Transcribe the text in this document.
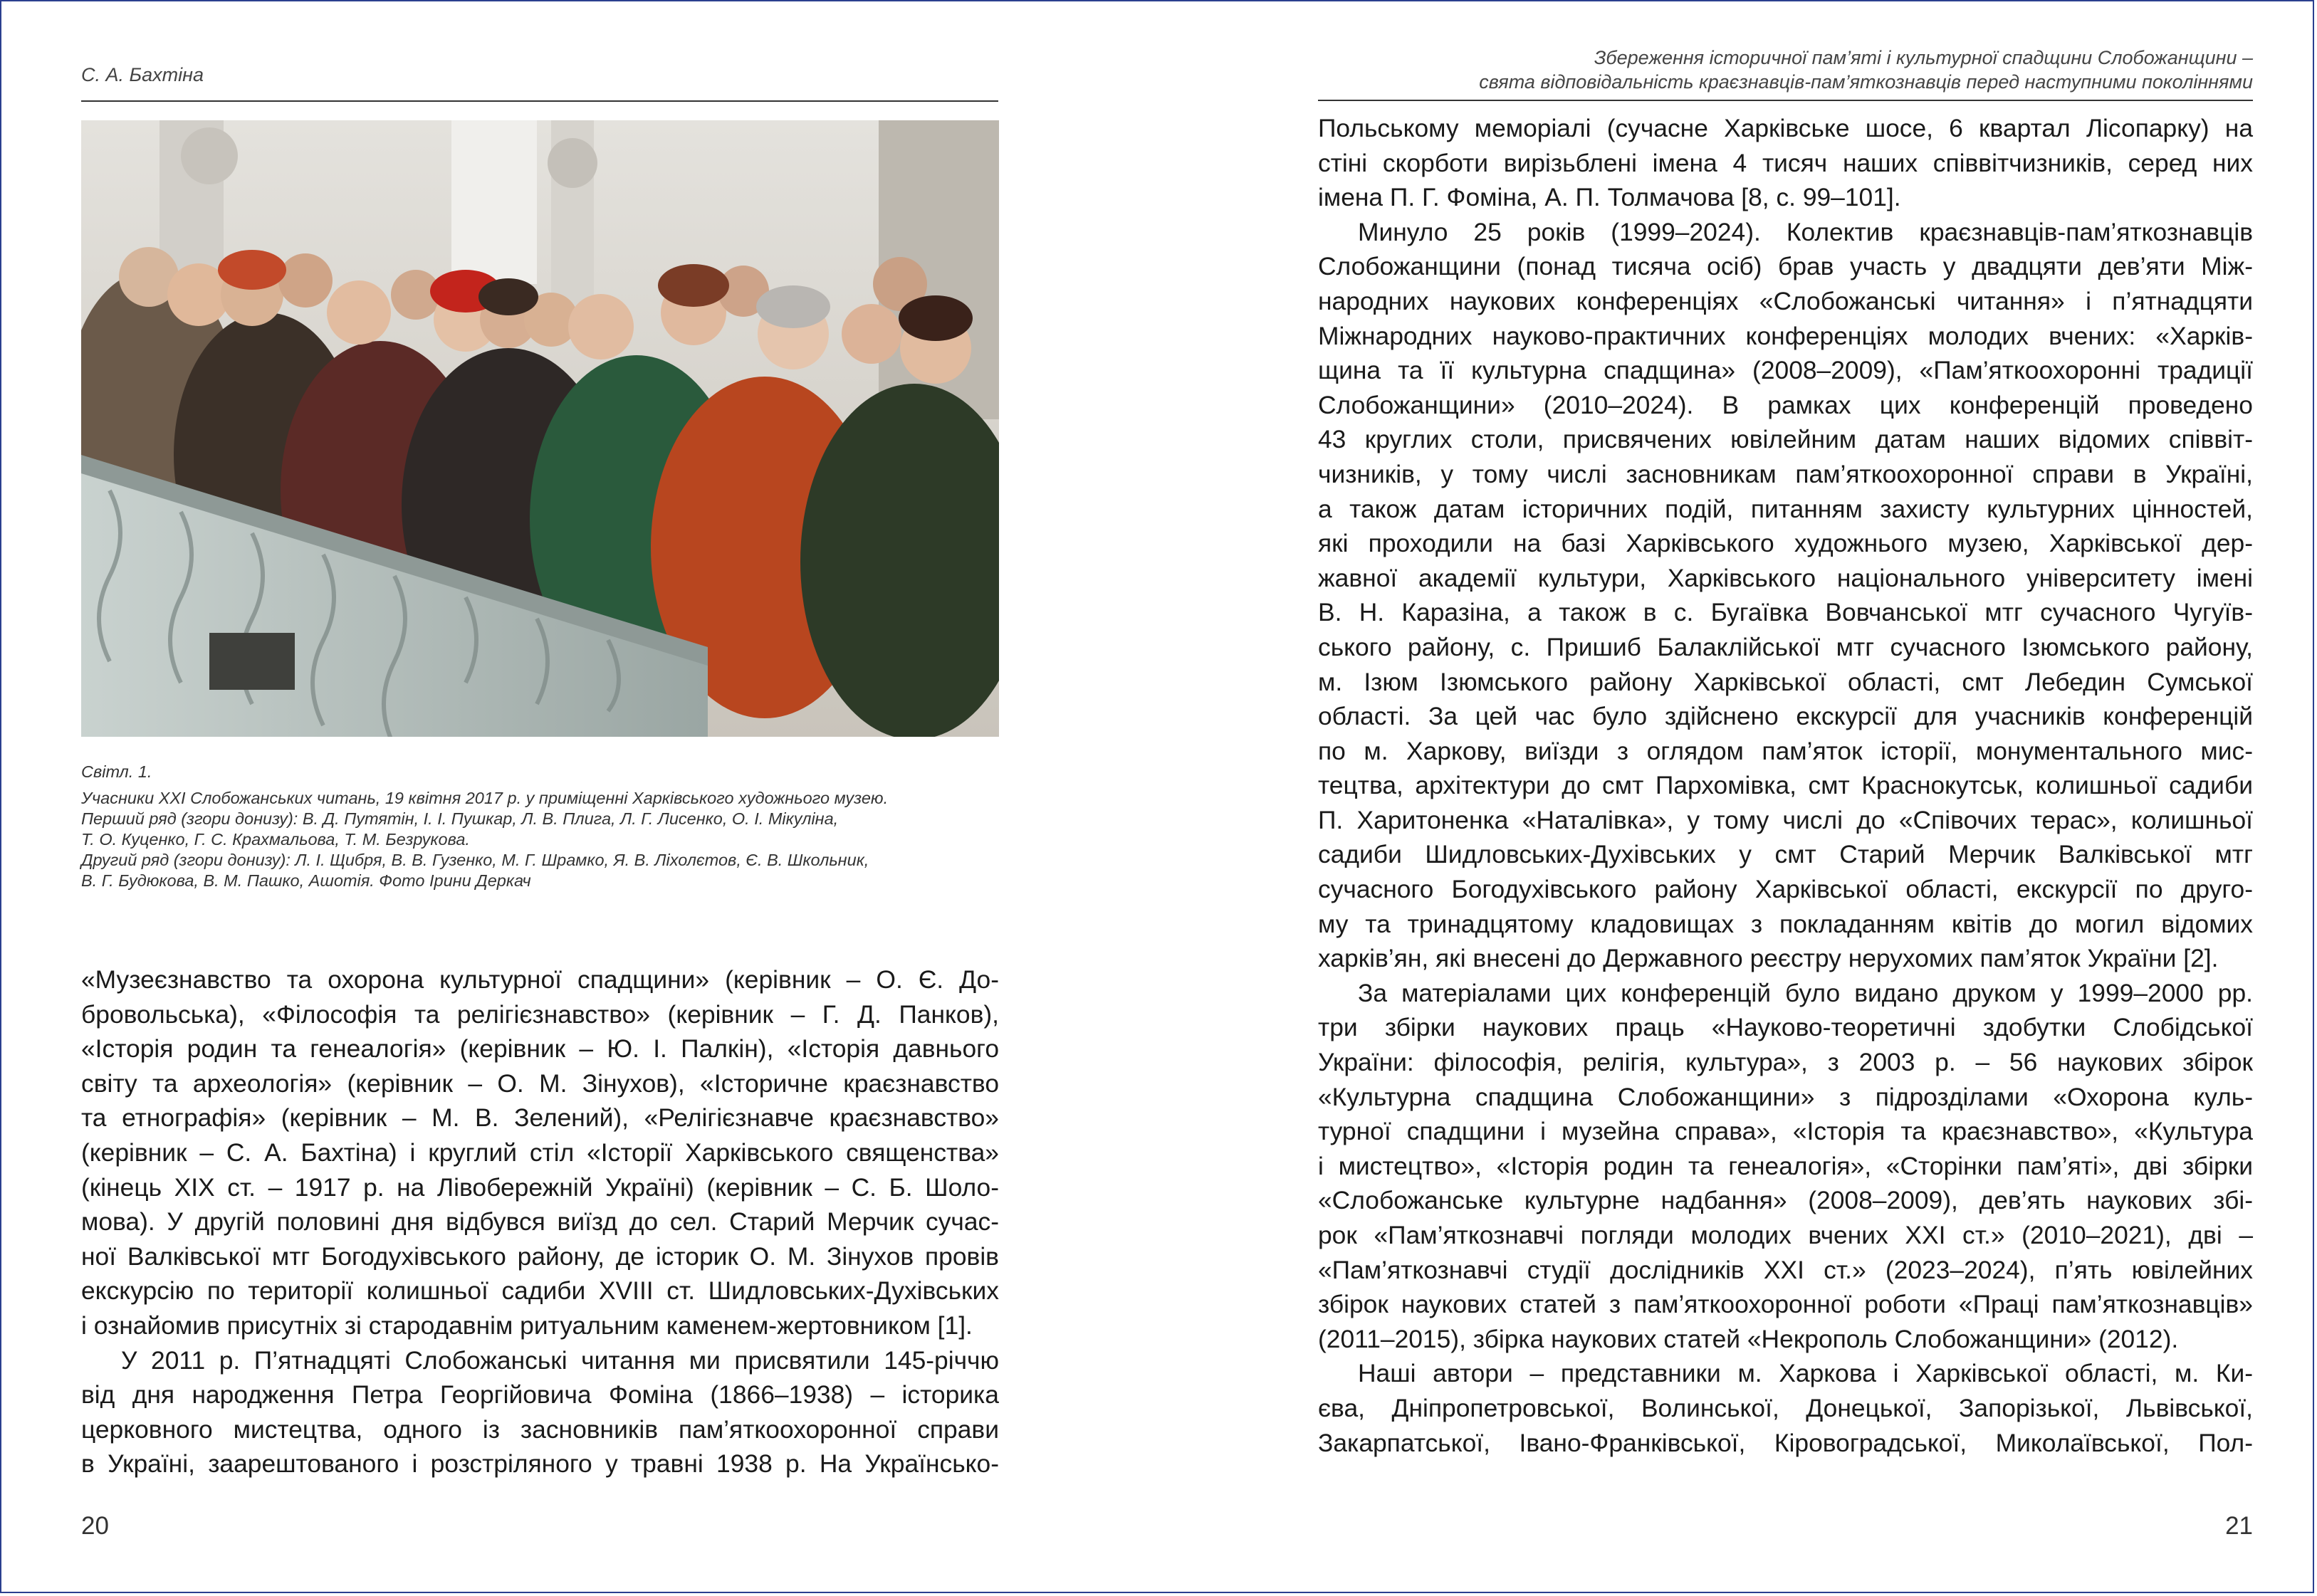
С. А. Бахтіна
Світл. 1.
Учасники XXI Слобожанських читань, 19 квітня 2017 р. у приміщенні Харківського художнього музею.
Перший ряд (згори донизу): В. Д. Путятін, І. І. Пушкар, Л. В. Плига, Л. Г. Лисенко, О. І. Мікуліна,
Т. О. Куценко, Г. С. Крахмальова, Т. М. Безрукова.
Другий ряд (згори донизу): Л. І. Щибря, В. В. Гузенко, М. Г. Шрамко, Я. В. Ліхолєтов, Є. В. Школьник,
В. Г. Будюкова, В. М. Пашко, Ашотія. Фото Ірини Деркач

«Музеєзнавство та охорона культурної спадщини» (керівник – О. Є. До-
бровольська), «Філософія та релігієзнавство» (керівник – Г. Д. Панков),
«Історія родин та генеалогія» (керівник – Ю. І. Палкін), «Історія давнього
світу та археологія» (керівник – О. М. Зінухов), «Історичне краєзнавство
та етнографія» (керівник – М. В. Зелений), «Релігієзнавче краєзнавство»
(керівник – С. А. Бахтіна) і круглий стіл «Історії Харківського священства»
(кінець ХІХ ст. – 1917 р. на Лівобережній Україні) (керівник – С. Б. Шоло-
мова). У другій половині дня відбувся виїзд до сел. Старий Мерчик сучас-
ної Валківської мтг Богодухівського району, де історик О. М. Зінухов провів
екскурсію по території колишньої садиби XVIII ст. Шидловських-Духівських
і ознайомив присутніх зі стародавнім ритуальним каменем-жертовником [1].

У 2011 р. П’ятнадцяті Слобожанські читання ми присвятили 145-річчю
від дня народження Петра Георгійовича Фоміна (1866–1938) – історика
церковного мистецтва, одного із засновників пам’яткоохоронної справи
в Україні, заарештованого і розстріляного у травні 1938 р. На Українсько-

20
Збереження історичної пам’яті і культурної спадщини Слобожанщини –
свята відповідальність краєзнавців-пам’яткознавців перед наступними поколіннями

Польському меморіалі (сучасне Харківське шосе, 6 квартал Лісопарку) на
стіні скорботи вирізьблені імена 4 тисяч наших співвітчизників, серед них
імена П. Г. Фоміна, А. П. Толмачова [8, с. 99–101].

Минуло 25 років (1999–2024). Колектив краєзнавців-пам’яткознавців
Слобожанщини (понад тисяча осіб) брав участь у двадцяти дев’яти Між-
народних наукових конференціях «Слобожанські читання» і п’ятнадцяти
Міжнародних науково-практичних конференціях молодих вчених: «Харків-
щина та її культурна спадщина» (2008–2009), «Пам’яткоохоронні традиції
Слобожанщини» (2010–2024). В рамках цих конференцій проведено
43 круглих столи, присвячених ювілейним датам наших відомих співвіт-
чизників, у тому числі засновникам пам’яткоохоронної справи в Україні,
а також датам історичних подій, питанням захисту культурних цінностей,
які проходили на базі Харківського художнього музею, Харківської дер-
жавної академії культури, Харківського національного університету імені
В. Н. Каразіна, а також в с. Бугаївка Вовчанської мтг сучасного Чугуїв-
ського району, с. Пришиб Балаклійської мтг сучасного Ізюмського району,
м. Ізюм Ізюмського району Харківської області, смт Лебедин Сумської
області. За цей час було здійснено екскурсії для учасників конференцій
по м. Харкову, виїзди з оглядом пам’яток історії, монументального мис-
тецтва, архітектури до смт Пархомівка, смт Краснокутськ, колишньої садиби
П. Харитоненка «Наталівка», у тому числі до «Співочих терас», колишньої
садиби Шидловських-Духівських у смт Старий Мерчик Валківської мтг
сучасного Богодухівського району Харківської області, екскурсії по друго-
му та тринадцятому кладовищах з покладанням квітів до могил відомих
харків’ян, які внесені до Державного реєстру нерухомих пам’яток України [2].

За матеріалами цих конференцій було видано друком у 1999–2000 рр.
три збірки наукових праць «Науково-теоретичні здобутки Слобідської
України: філософія, релігія, культура», з 2003 р. – 56 наукових збірок
«Культурна спадщина Слобожанщини» з підрозділами «Охорона куль-
турної спадщини і музейна справа», «Історія та краєзнавство», «Культура
і мистецтво», «Історія родин та генеалогія», «Сторінки пам’яті», дві збірки
«Слобожанське культурне надбання» (2008–2009), дев’ять наукових збі-
рок «Пам’яткознавчі погляди молодих вчених ХХІ ст.» (2010–2021), дві –
«Пам’яткознавчі студії дослідників ХХІ ст.» (2023–2024), п’ять ювілейних
збірок наукових статей з пам’яткоохоронної роботи «Праці пам’яткознавців»
(2011–2015), збірка наукових статей «Некрополь Слобожанщини» (2012).

Наші автори – представники м. Харкова і Харківської області, м. Ки-
єва, Дніпропетровської, Волинської, Донецької, Запорізької, Львівської,
Закарпатської, Івано-Франківської, Кіровоградської, Миколаївської, Пол-

21
